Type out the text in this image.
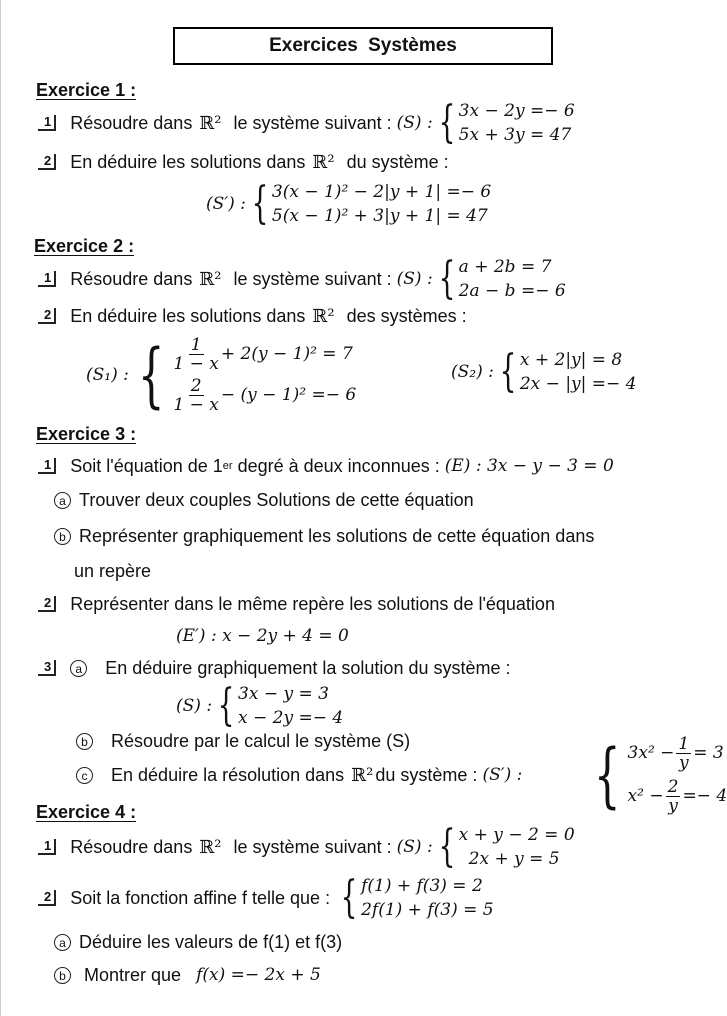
Exercices Systèmes
Exercice 1 :
1 Résoudre dans
ℝ²
le système suivant :
(S) : { 3x − 2y =− 6
5x + 3y = 47
2 En déduire les solutions dans
ℝ²
du système :
(S′) : { 3(x − 1)² − 2|y + 1| =− 6
5(x − 1)² + 3|y + 1| = 47
Exercice 2 :
1 Résoudre dans
ℝ²
le système suivant :
(S) : { a + 2b = 7
2a − b =− 6
2 En déduire les solutions dans
ℝ²
des systèmes :
(S₁) : { $\frac{1}{1 - x} + 2(y - 1)^2 = 7$
$\frac{2}{1 - x} - (y - 1)^2 =- 6$
(S₂) : { x + 2|y| = 8
2x − |y| =− 4
Exercice 3 :
1 Soit l'équation de 1 er
degré à deux inconnues :
(E) : 3x − y − 3 = 0
a Trouver deux couples Solutions de cette équation
b Représenter graphiquement les solutions de cette équation dans
un repère
2 Représenter dans le même repère les solutions de l'équation
(E′) : x − 2y + 4 = 0
3	a
En déduire graphiquement la solution du système :
(S) : { 3x − y = 3
x − 2y =− 4
b
Résoudre par le calcul le système (S)
c
	En déduire la résolution dans
ℝ² du système :
(S′) : { $3x^2 - \frac{1}{y} = 3$
$x^2 - \frac{2}{y} =- 4$
Exercice 4 :
1 Résoudre dans
ℝ²
le système suivant :
(S) : { x + y − 2 = 0
2x + y = 5
2 Soit la fonction affine f telle que :
{ f(1) + f(3) = 2
2f(1) + f(3) = 5
a Déduire les valeurs de f(1) et f(3)
b
Montrer que
f(x) =− 2x + 5
